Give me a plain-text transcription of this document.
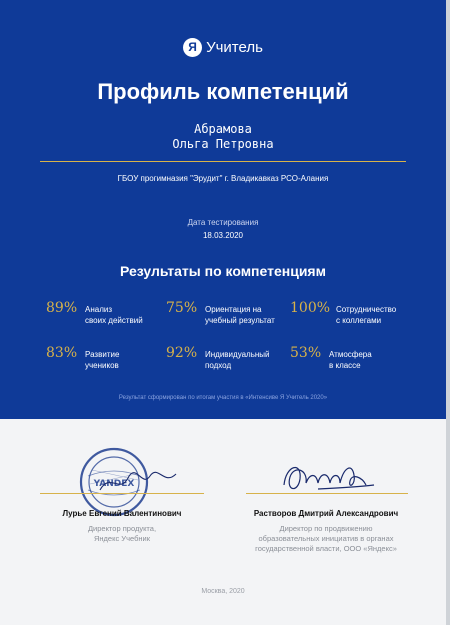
Я Учитель
Профиль компетенций
Абрамова
Ольга Петровна
ГБОУ прогимназия "Эрудит" г. Владикавказ РСО-Алания
Дата тестирования
18.03.2020
Результаты по компетенциям
89% Анализ
своих действий
75% Ориентация на
учебный результат
100% Сотрудничество
с коллегами
83% Развитие
учеников
92% Индивидуальный
подход
53% Атмосфера
в классе
Результат сформирован по итогам участия в «Интенсиве Я Учитель 2020»
YANDEX
Лурье Евгений Валентинович
Директор продукта,
Яндекс Учебник
Растворов Дмитрий Александрович
Директор по продвижению
образовательных инициатив в органах
государственной власти, ООО «Яндекс»
Москва, 2020
